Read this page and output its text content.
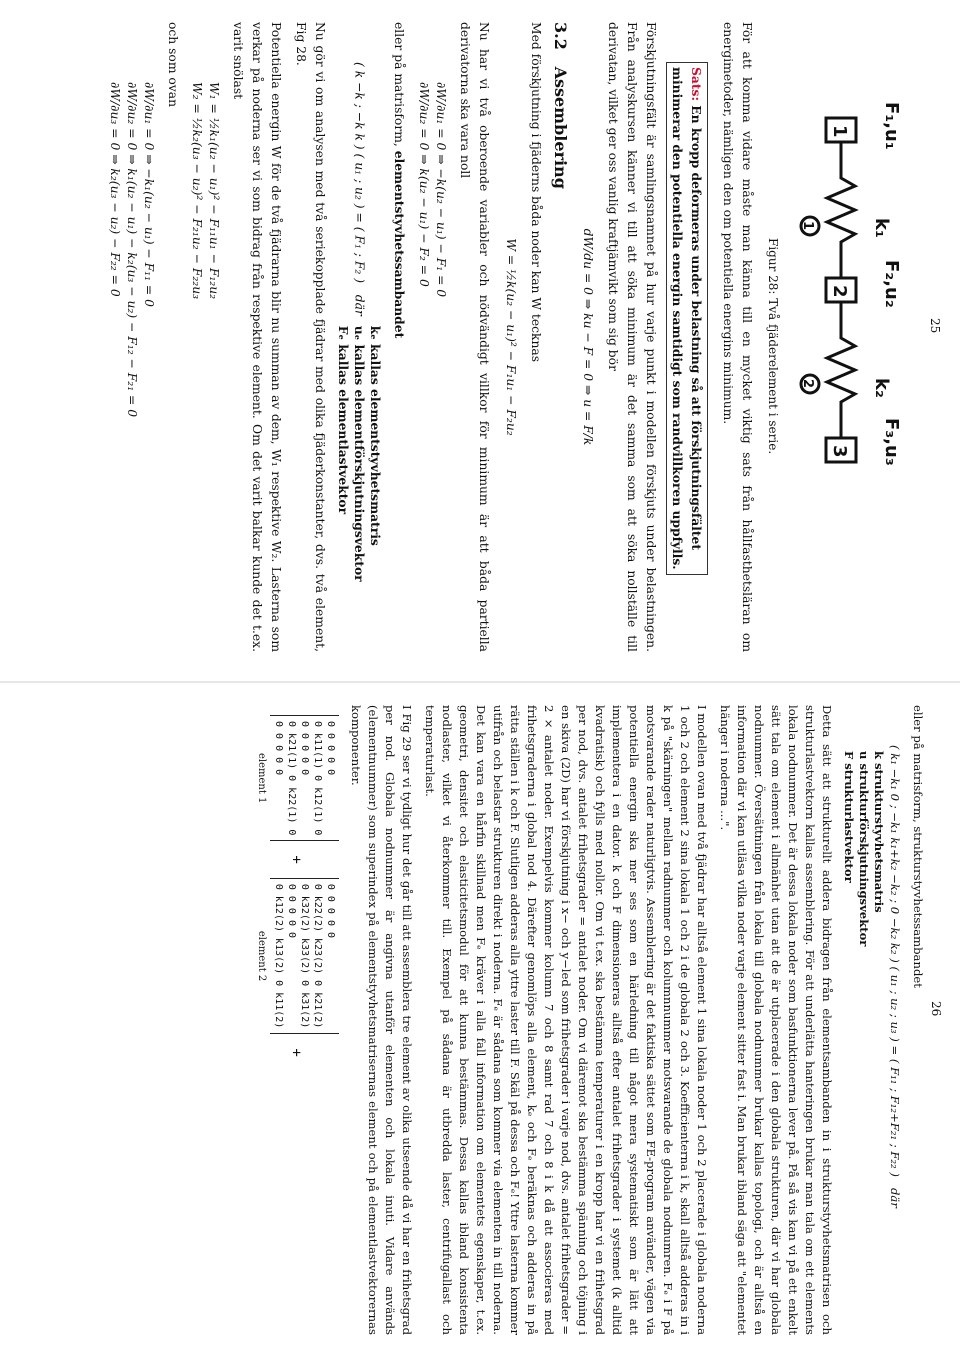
25
F₁,u₁
k₁
F₂,u₂
k₂
F₃,u₃
1
2
3
1
2
Figur 28: Två fjäderelement i serie.

För att komma vidare måste man känna till en mycket viktig sats från hållfasthetsläran om energimetoder, nämligen den om potentiella energins minimum.

Sats: En kropp deformeras under belastning så att förskjutningsfältet
minimerar den potentiella energin samtidigt som randvillkoren uppfylls.

Förskjutningsfält är samlingsnamnet på hur varje punkt i modellen förskjuts under belastningen. Från analyskursen känner vi till att söka minimum är det samma som att söka nollställe till derivatan, vilket ger oss vanlig kraftjämvikt som sig bör

dW/du = 0 ⇒ ku − F = 0 ⇒ u = F/k
3.2   Assemblering

Med förskjutning i fjäderns båda noder kan W tecknas

W = ½k(u₂ − u₁)² − F₁u₁ − F₂u₂

Nu har vi två oberoende variabler och nödvändigt villkor för minimum är att båda partiella derivatorna ska vara noll

∂W/∂u₁ = 0 ⇒ −k(u₂ − u₁) − F₁ = 0
∂W/∂u₂ = 0 ⇒ k(u₂ − u₁) − F₂ = 0

eller på matrisform, elementstyvhetssambandet

( k −k ; −k k ) ( u₁ ; u₂ ) = ( F₁ ; F₂ )   där kₑ kallas elementstyvhetsmatris
uₑ kallas elementförskjutningsvektor
Fₑ kallas elementlastvektor

Nu gör vi om analysen med två seriekopplade fjädrar med olika fjäderkonstanter, dvs. två element, Fig 28.

Potentiella energin W för de två fjädrarna blir nu summan av dem, W₁ respektive W₂. Lasterna som verkar på noderna ser vi som bidrag från respektive element. Om det varit balkar kunde det t.ex. varit snölast

W₁ = ½k₁(u₂ − u₁)² − F₁₁u₁ − F₁₂u₂
W₂ = ½k₂(u₃ − u₂)² − F₂₁u₂ − F₂₂u₃

och som ovan

∂W/∂u₁ = 0 ⇒ −k₁(u₂ − u₁) − F₁₁ = 0
∂W/∂u₂ = 0 ⇒ k₁(u₂ − u₁) − k₂(u₃ − u₂) − F₁₂ − F₂₁ = 0
∂W/∂u₃ = 0 ⇒ k₂(u₃ − u₂) − F₂₂ = 0
26

eller på matrisform, strukturstyvhetssambandet

( k₁ −k₁ 0 ; −k₁ k₁+k₂ −k₂ ; 0 −k₂ k₂ ) ( u₁ ; u₂ ; u₃ ) = ( F₁₁ ; F₁₂+F₂₁ ; F₂₂ )   där k strukturstyvhetsmatris
u strukturförskjutningsvektor
F strukturlastvektor

Detta sätt att strukturellt addera bidragen från elementsambanden in i strukturstyvhetsmatrisen och strukturlastvektorn kallas assemblering. För att underlätta hanteringen brukar man tala om ett elements lokala nodnummer. Det är dessa lokala noder som basfunktionerna lever på. På så vis kan vi på ett enkelt sätt tala om element i allmänhet utan att de är utplacerade i den globala strukturen, där vi har globala nodnummer. Översättningen från lokala till globala nodnummer brukar kallas topologi, och är alltså en information där vi kan utläsa vilka noder varje element sitter fast i. Man brukar ibland säga att "elementet hänger i noderna ...".

I modellen ovan med två fjädrar har alltså element 1 sina lokala noder 1 och 2 placerade i globala noderna 1 och 2 och element 2 sina lokala 1 och 2 i de globala 2 och 3. Koefficienterna i k, skall alltså adderas in i k på "skärningen" mellan radnummer och kolumnnummer motsvarande de globala nodnumren. Fₑ i F på motsvarande rader naturligtvis. Assemblering är det faktiska sättet som FE-program använder, vägen via potentiella energin ska mer ses som en härledning till något mera systematiskt som är lätt att implementera i en dator. k och F dimensioneras alltså efter antalet frihetsgrader i systemet (k alltid kvadratisk) och fylls med nollor. Om vi t.ex. ska bestämma temperaturer i en kropp har vi en frihetsgrad per nod, dvs. antalet frihetsgrader = antalet noder. Om vi däremot ska bestämma spänning och töjning i en skiva (2D) har vi förskjutning i x− och y−led som frihetsgrader i varje nod, dvs. antalet frihetsgrader = 2 × antalet noder. Exempelvis kommer kolumn 7 och 8 samt rad 7 och 8 i k då att associeras med frihetsgraderna i global nod 4. Därefter genomlöps alla element, kₑ och Fₑ beräknas och adderas in på rätta ställen i k och F. Slutligen adderas alla yttre laster till F. Skäl på dessa och Fₑ! Yttre lasterna kommer utifrån och belastar strukturen direkt i noderna. Fₑ är sådana som kommer via elementen in till noderna. Det kan vara en hårfin skillnad men Fₑ kräver i alla fall information om elementets egenskaper, t.ex. geometri, densitet och elasticitetsmodul för att kunna bestämmas. Dessa kallas ibland konsistenta nodlaster, vilket vi återkommer till. Exempel på sådana är utbredda laster, centrifugallast och temperaturlast.

I Fig 29 ser vi tydligt hur det går till att assemblera tre element av olika utseende då vi har en frihetsgrad per nod. Globala nodnummer är angivna utanför elementen och lokala inuti. Vidare används (elementnummer) som superindex på elementstyvhetsmatrisernas element och på elementlastvektorernas komponenter.

0 0 0 0 0
0 k11(1) 0 k12(1) 0
0 0 0 0 0
0 k21(1) 0 k22(1) 0
0 0 0 0 0
element 1
+
0 0 0 0 0
0 k22(2) k23(2) 0 k21(2)
0 k32(2) k33(2) 0 k31(2)
0 0 0 0 0
0 k12(2) k13(2) 0 k11(2)
element 2
+
